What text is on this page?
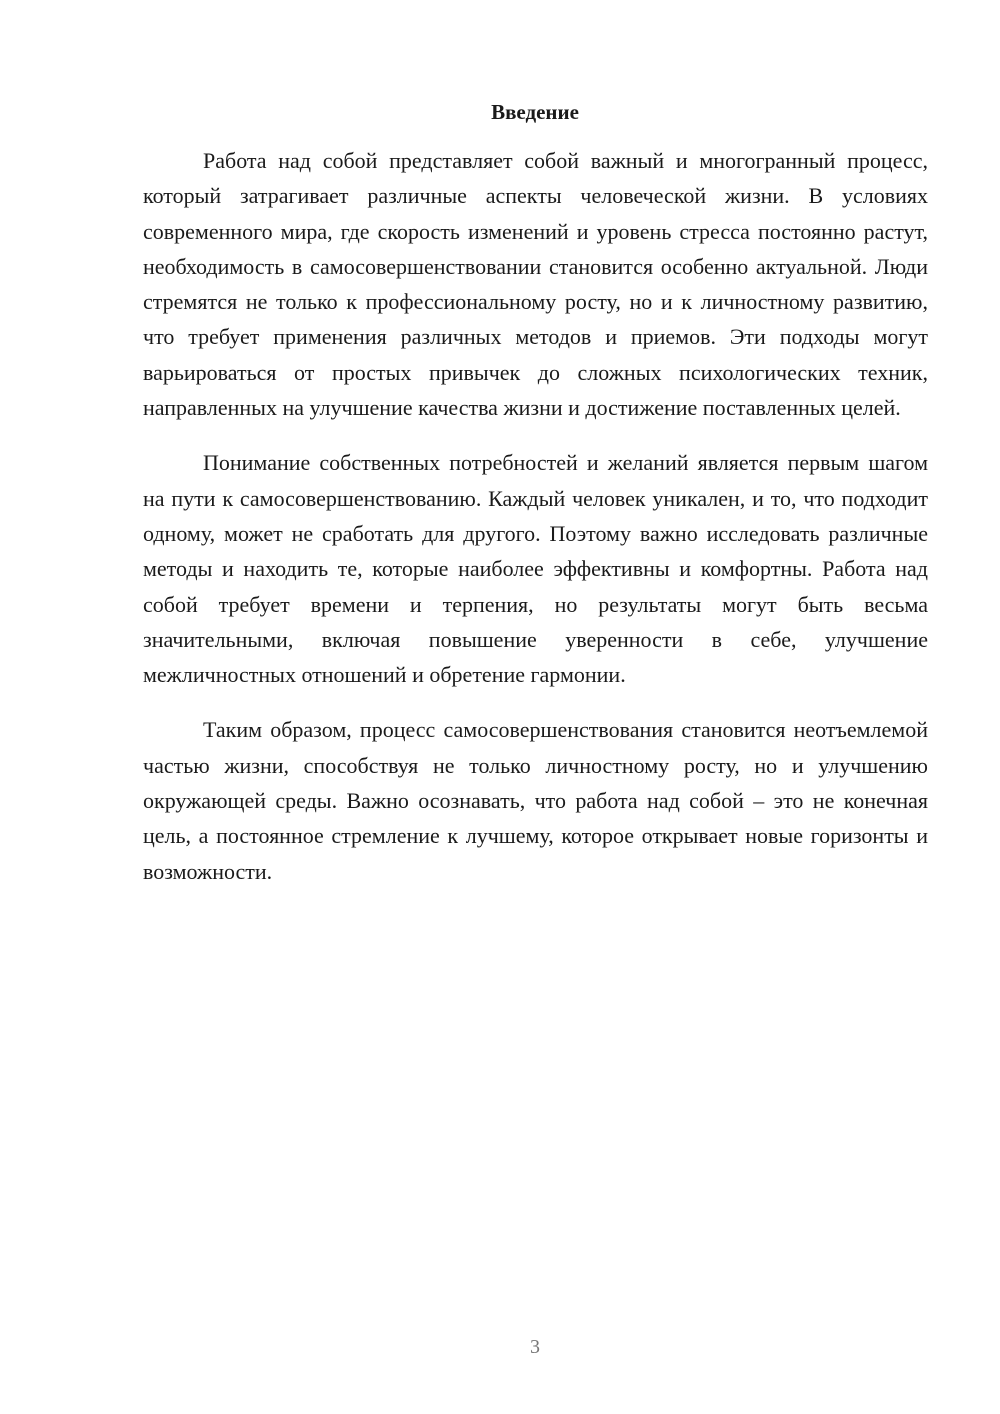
Введение

Работа над собой представляет собой важный и многогранный процесс, который затрагивает различные аспекты человеческой жизни. В условиях современного мира, где скорость изменений и уровень стресса постоянно растут, необходимость в самосовершенствовании становится особенно актуальной. Люди стремятся не только к профессиональному росту, но и к личностному развитию, что требует применения различных методов и приемов. Эти подходы могут варьироваться от простых привычек до сложных психологических техник, направленных на улучшение качества жизни и достижение поставленных целей.

Понимание собственных потребностей и желаний является первым шагом на пути к самосовершенствованию. Каждый человек уникален, и то, что подходит одному, может не сработать для другого. Поэтому важно исследовать различные методы и находить те, которые наиболее эффективны и комфортны. Работа над собой требует времени и терпения, но результаты могут быть весьма значительными, включая повышение уверенности в себе, улучшение межличностных отношений и обретение гармонии.

Таким образом, процесс самосовершенствования становится неотъемлемой частью жизни, способствуя не только личностному росту, но и улучшению окружающей среды. Важно осознавать, что работа над собой – это не конечная цель, а постоянное стремление к лучшему, которое открывает новые горизонты и возможности.

3
